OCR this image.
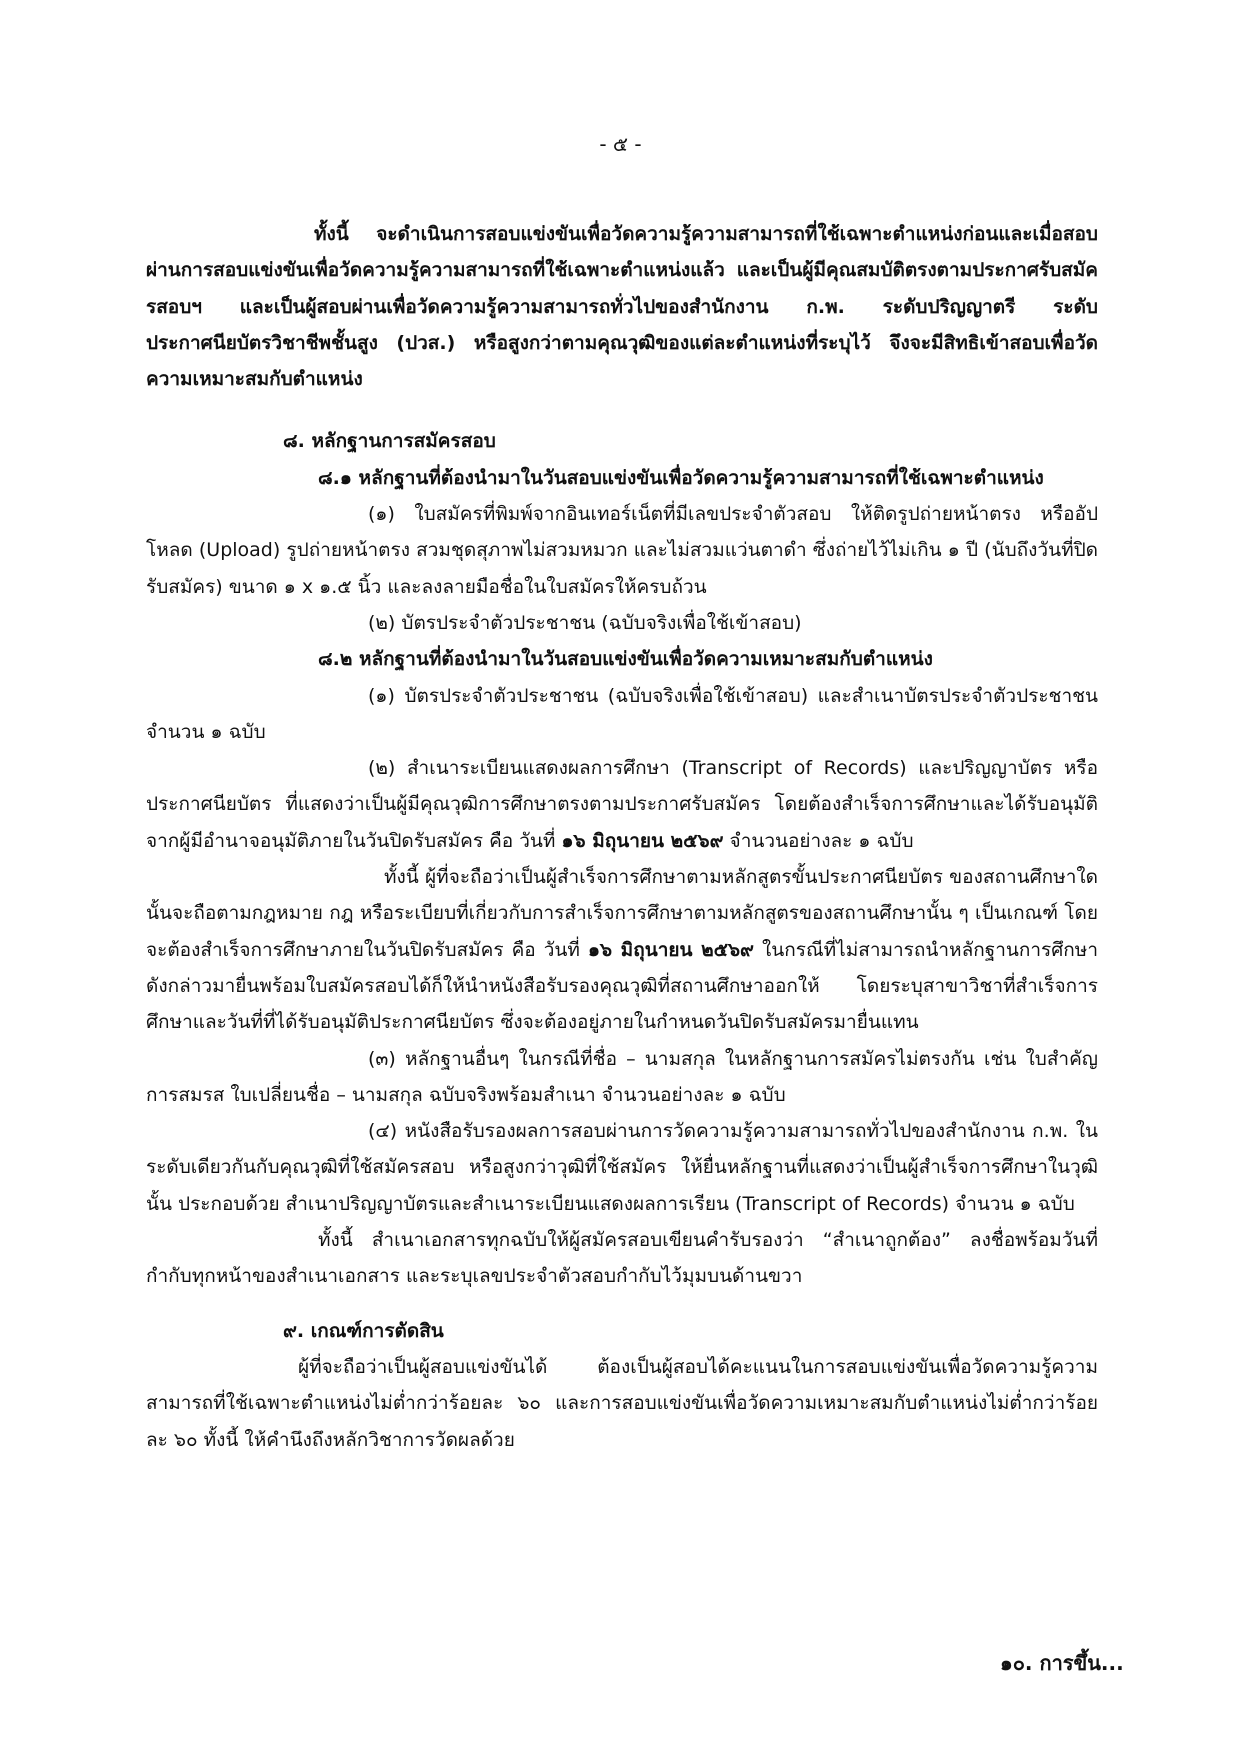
- ๕ -

ทั้งนี้ จะดำเนินการสอบแข่งขันเพื่อวัดความรู้ความสามารถที่ใช้เฉพาะตำแหน่งก่อนและเมื่อสอบผ่านการสอบแข่งขันเพื่อวัดความรู้ความสามารถที่ใช้เฉพาะตำแหน่งแล้ว และเป็นผู้มีคุณสมบัติตรงตามประกาศรับสมัครสอบฯ และเป็นผู้สอบผ่านเพื่อวัดความรู้ความสามารถทั่วไปของสำนักงาน ก.พ. ระดับปริญญาตรี ระดับประกาศนียบัตรวิชาชีพชั้นสูง (ปวส.) หรือสูงกว่าตามคุณวุฒิของแต่ละตำแหน่งที่ระบุไว้ จึงจะมีสิทธิเข้าสอบเพื่อวัดความเหมาะสมกับตำแหน่ง

๘. หลักฐานการสมัครสอบ

๘.๑ หลักฐานที่ต้องนำมาในวันสอบแข่งขันเพื่อวัดความรู้ความสามารถที่ใช้เฉพาะตำแหน่ง

(๑) ใบสมัครที่พิมพ์จากอินเทอร์เน็ตที่มีเลขประจำตัวสอบ ให้ติดรูปถ่ายหน้าตรง หรืออัปโหลด (Upload) รูปถ่ายหน้าตรง สวมชุดสุภาพไม่สวมหมวก และไม่สวมแว่นตาดำ ซึ่งถ่ายไว้ไม่เกิน ๑ ปี (นับถึงวันที่ปิดรับสมัคร) ขนาด ๑ x ๑.๕ นิ้ว และลงลายมือชื่อในใบสมัครให้ครบถ้วน

(๒) บัตรประจำตัวประชาชน (ฉบับจริงเพื่อใช้เข้าสอบ)

๘.๒ หลักฐานที่ต้องนำมาในวันสอบแข่งขันเพื่อวัดความเหมาะสมกับตำแหน่ง

(๑) บัตรประจำตัวประชาชน (ฉบับจริงเพื่อใช้เข้าสอบ) และสำเนาบัตรประจำตัวประชาชน จำนวน ๑ ฉบับ

(๒) สำเนาระเบียนแสดงผลการศึกษา (Transcript of Records) และปริญญาบัตร หรือประกาศนียบัตร ที่แสดงว่าเป็นผู้มีคุณวุฒิการศึกษาตรงตามประกาศรับสมัคร โดยต้องสำเร็จการศึกษาและได้รับอนุมัติจากผู้มีอำนาจอนุมัติภายในวันปิดรับสมัคร คือ วันที่ ๑๖ มิถุนายน ๒๕๖๙ จำนวนอย่างละ ๑ ฉบับ

ทั้งนี้ ผู้ที่จะถือว่าเป็นผู้สำเร็จการศึกษาตามหลักสูตรขั้นประกาศนียบัตร ของสถานศึกษาใดนั้นจะถือตามกฎหมาย กฎ หรือระเบียบที่เกี่ยวกับการสำเร็จการศึกษาตามหลักสูตรของสถานศึกษานั้น ๆ เป็นเกณฑ์ โดยจะต้องสำเร็จการศึกษาภายในวันปิดรับสมัคร คือ วันที่ ๑๖ มิถุนายน ๒๕๖๙ ในกรณีที่ไม่สามารถนำหลักฐานการศึกษาดังกล่าวมายื่นพร้อมใบสมัครสอบได้ก็ให้นำหนังสือรับรองคุณวุฒิที่สถานศึกษาออกให้ โดยระบุสาขาวิชาที่สำเร็จการศึกษาและวันที่ที่ได้รับอนุมัติประกาศนียบัตร ซึ่งจะต้องอยู่ภายในกำหนดวันปิดรับสมัครมายื่นแทน

(๓) หลักฐานอื่นๆ ในกรณีที่ชื่อ – นามสกุล ในหลักฐานการสมัครไม่ตรงกัน เช่น ใบสำคัญการสมรส ใบเปลี่ยนชื่อ – นามสกุล ฉบับจริงพร้อมสำเนา จำนวนอย่างละ ๑ ฉบับ

(๔) หนังสือรับรองผลการสอบผ่านการวัดความรู้ความสามารถทั่วไปของสำนักงาน ก.พ. ในระดับเดียวกันกับคุณวุฒิที่ใช้สมัครสอบ หรือสูงกว่าวุฒิที่ใช้สมัคร ให้ยื่นหลักฐานที่แสดงว่าเป็นผู้สำเร็จการศึกษาในวุฒินั้น ประกอบด้วย สำเนาปริญญาบัตรและสำเนาระเบียนแสดงผลการเรียน (Transcript of Records) จำนวน ๑ ฉบับ

ทั้งนี้ สำเนาเอกสารทุกฉบับให้ผู้สมัครสอบเขียนคำรับรองว่า “สำเนาถูกต้อง” ลงชื่อพร้อมวันที่กำกับทุกหน้าของสำเนาเอกสาร และระบุเลขประจำตัวสอบกำกับไว้มุมบนด้านขวา

๙. เกณฑ์การตัดสิน

ผู้ที่จะถือว่าเป็นผู้สอบแข่งขันได้ ต้องเป็นผู้สอบได้คะแนนในการสอบแข่งขันเพื่อวัดความรู้ความสามารถที่ใช้เฉพาะตำแหน่งไม่ต่ำกว่าร้อยละ ๖๐ และการสอบแข่งขันเพื่อวัดความเหมาะสมกับตำแหน่งไม่ต่ำกว่าร้อยละ ๖๐ ทั้งนี้ ให้คำนึงถึงหลักวิชาการวัดผลด้วย

๑๐. การขึ้น...
